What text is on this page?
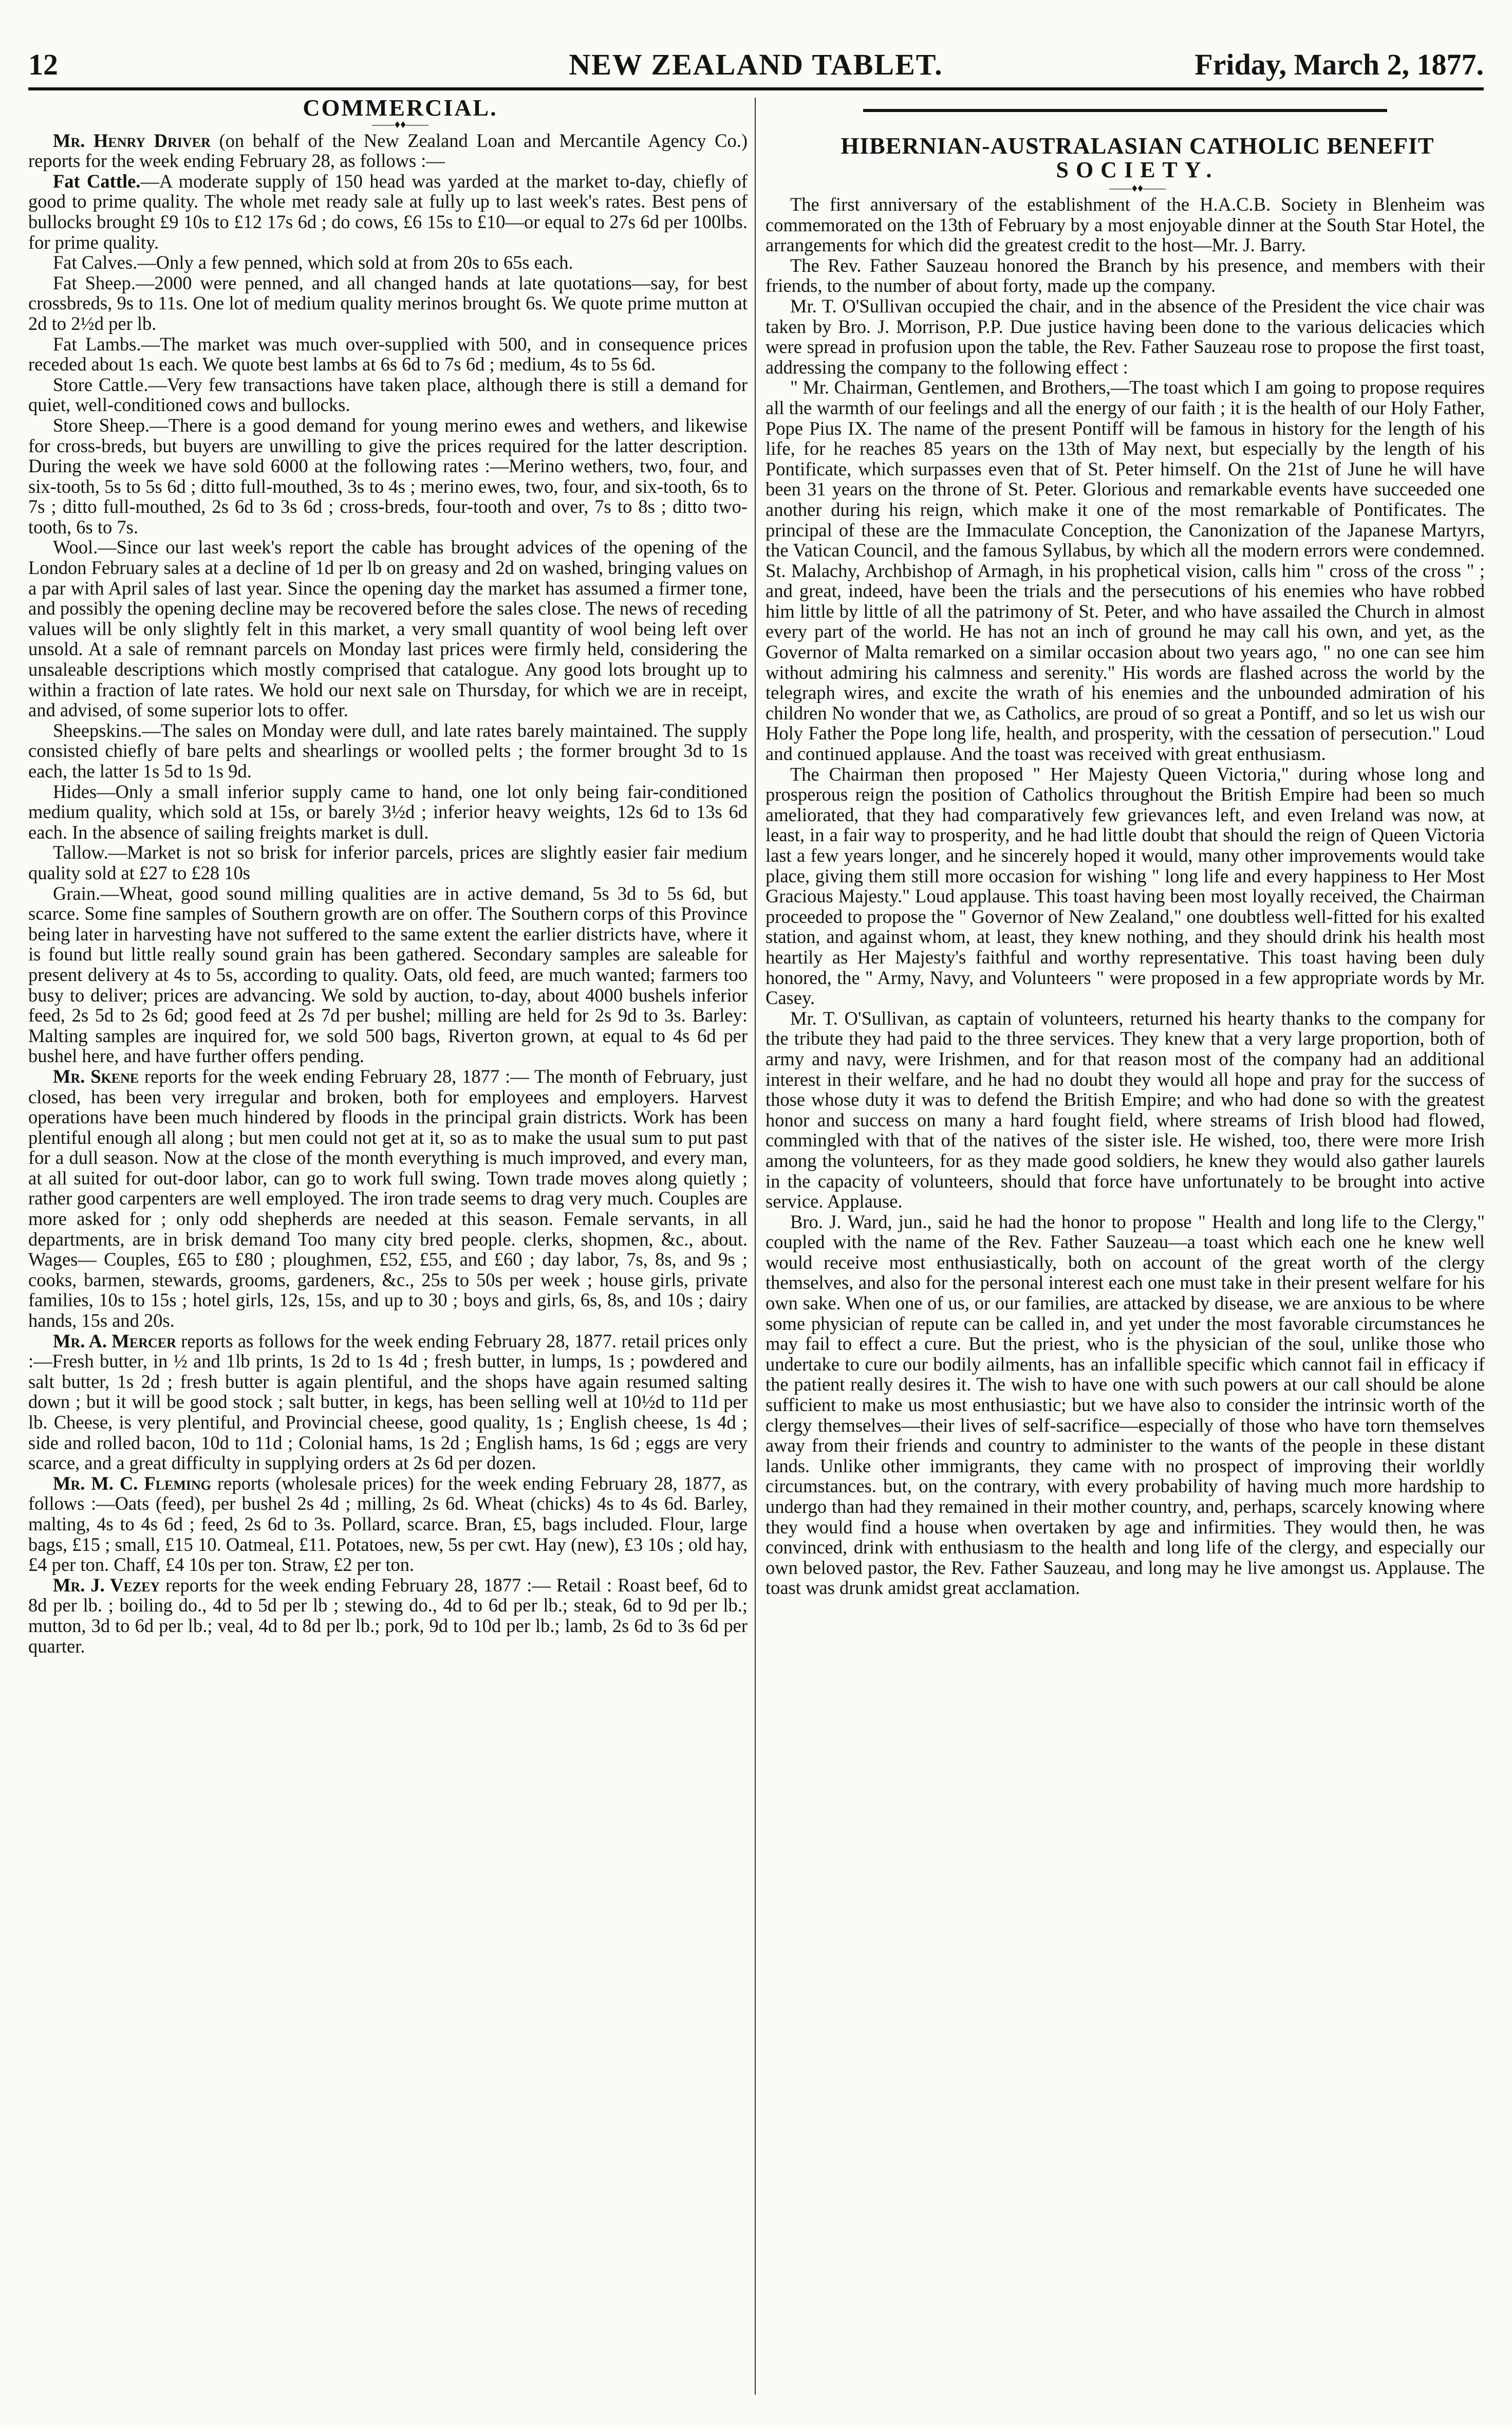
12	NEW ZEALAND TABLET.	Friday, March 2, 1877.

COMMERCIAL.

——♦♦——

Mr. Henry Driver (on behalf of the New Zealand Loan and Mercantile Agency Co.) reports for the week ending February 28, as follows :—

Fat Cattle.—A moderate supply of 150 head was yarded at the market to-day, chiefly of good to prime quality. The whole met ready sale at fully up to last week's rates. Best pens of bullocks brought £9 10s to £12 17s 6d ; do cows, £6 15s to £10—or equal to 27s 6d per 100lbs. for prime quality.

Fat Calves.—Only a few penned, which sold at from 20s to 65s each.

Fat Sheep.—2000 were penned, and all changed hands at late quotations—say, for best crossbreds, 9s to 11s. One lot of medium quality merinos brought 6s. We quote prime mutton at 2d to 2½d per lb.

Fat Lambs.—The market was much over-supplied with 500, and in consequence prices receded about 1s each. We quote best lambs at 6s 6d to 7s 6d ; medium, 4s to 5s 6d.

Store Cattle.—Very few transactions have taken place, although there is still a demand for quiet, well-conditioned cows and bullocks.

Store Sheep.—There is a good demand for young merino ewes and wethers, and likewise for cross-breds, but buyers are unwilling to give the prices required for the latter description. During the week we have sold 6000 at the following rates :—Merino wethers, two, four, and six-tooth, 5s to 5s 6d ; ditto full-mouthed, 3s to 4s ; merino ewes, two, four, and six-tooth, 6s to 7s ; ditto full-mouthed, 2s 6d to 3s 6d ; cross-breds, four-tooth and over, 7s to 8s ; ditto two-tooth, 6s to 7s.

Wool.—Since our last week's report the cable has brought advices of the opening of the London February sales at a decline of 1d per lb on greasy and 2d on washed, bringing values on a par with April sales of last year. Since the opening day the market has assumed a firmer tone, and possibly the opening decline may be recovered before the sales close. The news of receding values will be only slightly felt in this market, a very small quantity of wool being left over unsold. At a sale of remnant parcels on Monday last prices were firmly held, considering the unsaleable descriptions which mostly comprised that catalogue. Any good lots brought up to within a fraction of late rates. We hold our next sale on Thursday, for which we are in receipt, and advised, of some superior lots to offer.

Sheepskins.—The sales on Monday were dull, and late rates barely maintained. The supply consisted chiefly of bare pelts and shearlings or woolled pelts ; the former brought 3d to 1s each, the latter 1s 5d to 1s 9d.

Hides—Only a small inferior supply came to hand, one lot only being fair-conditioned medium quality, which sold at 15s, or barely 3½d ; inferior heavy weights, 12s 6d to 13s 6d each. In the absence of sailing freights market is dull.

Tallow.—Market is not so brisk for inferior parcels, prices are slightly easier fair medium quality sold at £27 to £28 10s

Grain.—Wheat, good sound milling qualities are in active demand, 5s 3d to 5s 6d, but scarce. Some fine samples of Southern growth are on offer. The Southern corps of this Province being later in harvesting have not suffered to the same extent the earlier districts have, where it is found but little really sound grain has been gathered. Secondary samples are saleable for present delivery at 4s to 5s, according to quality. Oats, old feed, are much wanted; farmers too busy to deliver; prices are advancing. We sold by auction, to-day, about 4000 bushels inferior feed, 2s 5d to 2s 6d; good feed at 2s 7d per bushel; milling are held for 2s 9d to 3s. Barley: Malting samples are inquired for, we sold 500 bags, Riverton grown, at equal to 4s 6d per bushel here, and have further offers pending.

Mr. Skene reports for the week ending February 28, 1877 :— The month of February, just closed, has been very irregular and broken, both for employees and employers. Harvest operations have been much hindered by floods in the principal grain districts. Work has been plentiful enough all along ; but men could not get at it, so as to make the usual sum to put past for a dull season. Now at the close of the month everything is much improved, and every man, at all suited for out-door labor, can go to work full swing. Town trade moves along quietly ; rather good carpenters are well employed. The iron trade seems to drag very much. Couples are more asked for ; only odd shepherds are needed at this season. Female servants, in all departments, are in brisk demand Too many city bred people. clerks, shopmen, &c., about. Wages— Couples, £65 to £80 ; ploughmen, £52, £55, and £60 ; day labor, 7s, 8s, and 9s ; cooks, barmen, stewards, grooms, gardeners, &c., 25s to 50s per week ; house girls, private families, 10s to 15s ; hotel girls, 12s, 15s, and up to 30 ; boys and girls, 6s, 8s, and 10s ; dairy hands, 15s and 20s.

Mr. A. Mercer reports as follows for the week ending February 28, 1877. retail prices only :—Fresh butter, in ½ and 1lb prints, 1s 2d to 1s 4d ; fresh butter, in lumps, 1s ; powdered and salt butter, 1s 2d ; fresh butter is again plentiful, and the shops have again resumed salting down ; but it will be good stock ; salt butter, in kegs, has been selling well at 10½d to 11d per lb. Cheese, is very plentiful, and Provincial cheese, good quality, 1s ; English cheese, 1s 4d ; side and rolled bacon, 10d to 11d ; Colonial hams, 1s 2d ; English hams, 1s 6d ; eggs are very scarce, and a great difficulty in supplying orders at 2s 6d per dozen.

Mr. M. C. Fleming reports (wholesale prices) for the week ending February 28, 1877, as follows :—Oats (feed), per bushel 2s 4d ; milling, 2s 6d. Wheat (chicks) 4s to 4s 6d. Barley, malting, 4s to 4s 6d ; feed, 2s 6d to 3s. Pollard, scarce. Bran, £5, bags included. Flour, large bags, £15 ; small, £15 10. Oatmeal, £11. Potatoes, new, 5s per cwt. Hay (new), £3 10s ; old hay, £4 per ton. Chaff, £4 10s per ton. Straw, £2 per ton.

Mr. J. Vezey reports for the week ending February 28, 1877 :— Retail : Roast beef, 6d to 8d per lb. ; boiling do., 4d to 5d per lb ; stewing do., 4d to 6d per lb.; steak, 6d to 9d per lb.; mutton, 3d to 6d per lb.; veal, 4d to 8d per lb.; pork, 9d to 10d per lb.; lamb, 2s 6d to 3s 6d per quarter.

HIBERNIAN-AUSTRALASIAN CATHOLIC BENEFIT

SOCIETY.

——♦♦——

The first anniversary of the establishment of the H.A.C.B. Society in Blenheim was commemorated on the 13th of February by a most enjoyable dinner at the South Star Hotel, the arrangements for which did the greatest credit to the host—Mr. J. Barry.

The Rev. Father Sauzeau honored the Branch by his presence, and members with their friends, to the number of about forty, made up the company.

Mr. T. O'Sullivan occupied the chair, and in the absence of the President the vice chair was taken by Bro. J. Morrison, P.P. Due justice having been done to the various delicacies which were spread in profusion upon the table, the Rev. Father Sauzeau rose to propose the first toast, addressing the company to the following effect :

" Mr. Chairman, Gentlemen, and Brothers,—The toast which I am going to propose requires all the warmth of our feelings and all the energy of our faith ; it is the health of our Holy Father, Pope Pius IX. The name of the present Pontiff will be famous in history for the length of his life, for he reaches 85 years on the 13th of May next, but especially by the length of his Pontificate, which surpasses even that of St. Peter himself. On the 21st of June he will have been 31 years on the throne of St. Peter. Glorious and remarkable events have succeeded one another during his reign, which make it one of the most remarkable of Pontificates. The principal of these are the Immaculate Conception, the Canonization of the Japanese Martyrs, the Vatican Council, and the famous Syllabus, by which all the modern errors were condemned. St. Malachy, Archbishop of Armagh, in his prophetical vision, calls him " cross of the cross " ; and great, indeed, have been the trials and the persecutions of his enemies who have robbed him little by little of all the patrimony of St. Peter, and who have assailed the Church in almost every part of the world. He has not an inch of ground he may call his own, and yet, as the Governor of Malta remarked on a similar occasion about two years ago, " no one can see him without admiring his calmness and serenity." His words are flashed across the world by the telegraph wires, and excite the wrath of his enemies and the unbounded admiration of his children No wonder that we, as Catholics, are proud of so great a Pontiff, and so let us wish our Holy Father the Pope long life, health, and prosperity, with the cessation of persecution." Loud and continued applause. And the toast was received with great enthusiasm.

The Chairman then proposed " Her Majesty Queen Victoria," during whose long and prosperous reign the position of Catholics throughout the British Empire had been so much ameliorated, that they had comparatively few grievances left, and even Ireland was now, at least, in a fair way to prosperity, and he had little doubt that should the reign of Queen Victoria last a few years longer, and he sincerely hoped it would, many other improvements would take place, giving them still more occasion for wishing " long life and every happiness to Her Most Gracious Majesty." Loud applause. This toast having been most loyally received, the Chairman proceeded to propose the " Governor of New Zealand," one doubtless well-fitted for his exalted station, and against whom, at least, they knew nothing, and they should drink his health most heartily as Her Majesty's faithful and worthy representative. This toast having been duly honored, the " Army, Navy, and Volunteers " were proposed in a few appropriate words by Mr. Casey.

Mr. T. O'Sullivan, as captain of volunteers, returned his hearty thanks to the company for the tribute they had paid to the three services. They knew that a very large proportion, both of army and navy, were Irishmen, and for that reason most of the company had an additional interest in their welfare, and he had no doubt they would all hope and pray for the success of those whose duty it was to defend the British Empire; and who had done so with the greatest honor and success on many a hard fought field, where streams of Irish blood had flowed, commingled with that of the natives of the sister isle. He wished, too, there were more Irish among the volunteers, for as they made good soldiers, he knew they would also gather laurels in the capacity of volunteers, should that force have unfortunately to be brought into active service. Applause.

Bro. J. Ward, jun., said he had the honor to propose " Health and long life to the Clergy," coupled with the name of the Rev. Father Sauzeau—a toast which each one he knew well would receive most enthusiastically, both on account of the great worth of the clergy themselves, and also for the personal interest each one must take in their present welfare for his own sake. When one of us, or our families, are attacked by disease, we are anxious to be where some physician of repute can be called in, and yet under the most favorable circumstances he may fail to effect a cure. But the priest, who is the physician of the soul, unlike those who undertake to cure our bodily ailments, has an infallible specific which cannot fail in efficacy if the patient really desires it. The wish to have one with such powers at our call should be alone sufficient to make us most enthusiastic; but we have also to consider the intrinsic worth of the clergy themselves—their lives of self-sacrifice—especially of those who have torn themselves away from their friends and country to administer to the wants of the people in these distant lands. Unlike other immigrants, they came with no prospect of improving their worldly circumstances. but, on the contrary, with every probability of having much more hardship to undergo than had they remained in their mother country, and, perhaps, scarcely knowing where they would find a house when overtaken by age and infirmities. They would then, he was convinced, drink with enthusiasm to the health and long life of the clergy, and especially our own beloved pastor, the Rev. Father Sauzeau, and long may he live amongst us. Applause. The toast was drunk amidst great acclamation.
